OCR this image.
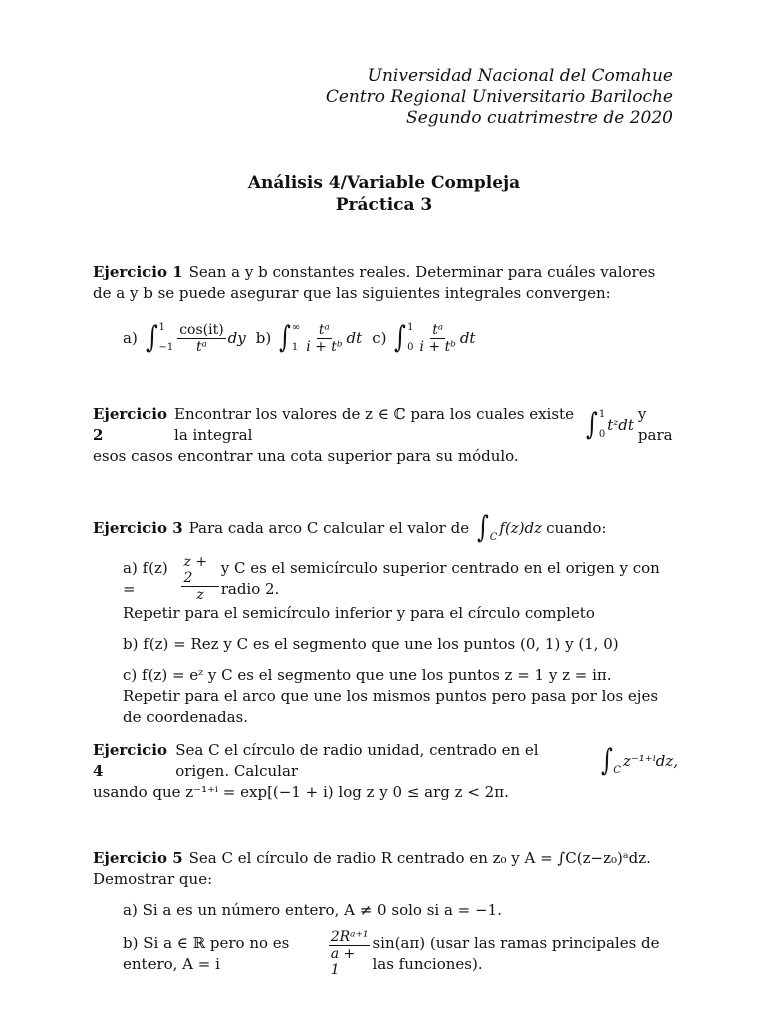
Universidad Nacional del Comahue
Centro Regional Universitario Bariloche
Segundo cuatrimestre de 2020
Análisis 4/Variable Compleja
Práctica 3
Ejercicio 1 Sean a y b constantes reales. Determinar para cuáles valores de a y b se puede asegurar que las siguientes integrales convergen:
a) ∫ 1
$-1 \frac{\cos(it)}{\text{tᵃ}}$ dy b) ∫ ∞
$1 \frac{\text{tᵃ}}{\text{i + tᵇ}}$ dt c) ∫ 1
$0 \frac{\text{tᵃ}}{\text{i + tᵇ}}$ dt
Ejercicio 2
Encontrar los valores de z ∈ ℂ para los cuales existe la integral	∫ 1
0
tᶻdt
y para
esos casos encontrar una cota superior para su módulo.
Ejercicio 3 Para cada arco C calcular el valor de ∫
C
f(z)dz cuando:
a) f(z) =	$\frac{z + 2}{z}$ y C es el semicírculo superior centrado en el origen y con radio 2.
Repetir para el semicírculo inferior y para el círculo completo
b) f(z) = Rez y C es el segmento que une los puntos (0, 1) y (1, 0)
c) f(z) = eᶻ y C es el segmento que une los puntos z = 1 y z = iπ.
Repetir para el arco que une los mismos puntos pero pasa por los ejes de coordenadas.
Ejercicio 4
Sea C el círculo de radio unidad, centrado en el origen. Calcular	∫
C
z⁻¹⁺ⁱdz,
usando que z⁻¹⁺ⁱ = exp[(−1 + i) log z y 0 ≤ arg z < 2π.
Ejercicio 5 Sea C el círculo de radio R centrado en z₀ y A = ∫C(z−z₀)ᵃdz. Demostrar que:
a) Si a es un número entero, A ≠ 0 solo si a = −1.
b) Si a ∈ ℝ pero no es entero, A = i	$\frac{\text{2Rᵃ⁺¹}}{a + 1} \sin(a\pi)$ (usar las ramas principales de las funciones).
